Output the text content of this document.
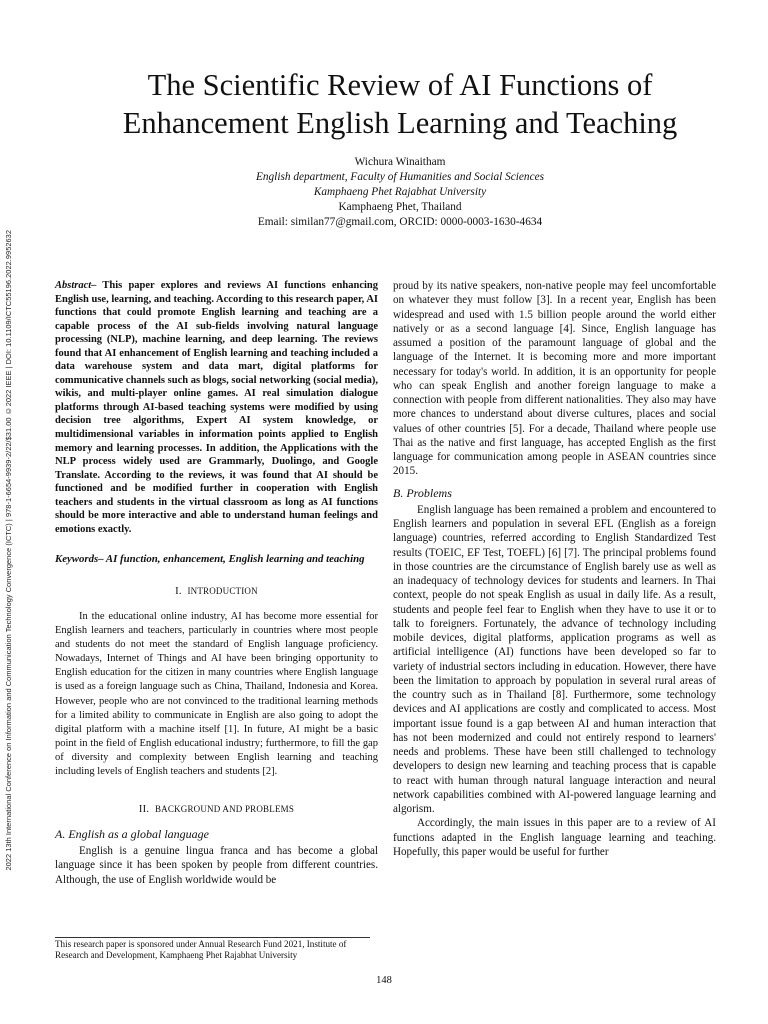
2022 13th International Conference on Information and Communication Technology Convergence (ICTC) | 978-1-6654-9939-2/22/$31.00 ©2022 IEEE | DOI: 10.1109/ICTC55196.2022.9952632
The Scientific Review of AI Functions of
Enhancement English Learning and Teaching
Wichura Winaitham
English department, Faculty of Humanities and Social Sciences
Kamphaeng Phet Rajabhat University
Kamphaeng Phet, Thailand
Email: similan77@gmail.com, ORCID: 0000-0003-1630-4634

Abstract– This paper explores and reviews AI functions enhancing English use, learning, and teaching. According to this research paper, AI functions that could promote English learning and teaching are a capable process of the AI sub-fields involving natural language processing (NLP), machine learning, and deep learning. The reviews found that AI enhancement of English learning and teaching included a data warehouse system and data mart, digital platforms for communicative channels such as blogs, social networking (social media), wikis, and multi-player online games. AI real simulation dialogue platforms through AI-based teaching systems were modified by using decision tree algorithms, Expert AI system knowledge, or multidimensional variables in information points applied to English memory and learning processes. In addition, the Applications with the NLP process widely used are Grammarly, Duolingo, and Google Translate. According to the reviews, it was found that AI should be functioned and be modified further in cooperation with English teachers and students in the virtual classroom as long as AI functions should be more interactive and able to understand human feelings and emotions exactly.

Keywords– AI function, enhancement, English learning and teaching

I. INTRODUCTION

In the educational online industry, AI has become more essential for English learners and teachers, particularly in countries where most people and students do not meet the standard of English language proficiency. Nowadays, Internet of Things and AI have been bringing opportunity to English education for the citizen in many countries where English language is used as a foreign language such as China, Thailand, Indonesia and Korea. However, people who are not convinced to the traditional learning methods for a limited ability to communicate in English are also going to adopt the digital platform with a machine itself [1]. In future, AI might be a basic point in the field of English educational industry; furthermore, to fill the gap of diversity and complexity between English learning and teaching including levels of English teachers and students [2].

II. BACKGROUND AND PROBLEMS

A. English as a global language

English is a genuine lingua franca and has become a global language since it has been spoken by people from different countries. Although, the use of English worldwide would be

proud by its native speakers, non-native people may feel uncomfortable on whatever they must follow [3]. In a recent year, English has been widespread and used with 1.5 billion people around the world either natively or as a second language [4]. Since, English language has assumed a position of the paramount language of global and the language of the Internet. It is becoming more and more important necessary for today's world. In addition, it is an opportunity for people who can speak English and another foreign language to make a connection with people from different nationalities. They also may have more chances to understand about diverse cultures, places and social values of other countries [5]. For a decade, Thailand where people use Thai as the native and first language, has accepted English as the first language for communication among people in ASEAN countries since 2015.

B. Problems

English language has been remained a problem and encountered to English learners and population in several EFL (English as a foreign language) countries, referred according to English Standardized Test results (TOEIC, EF Test, TOEFL) [6] [7]. The principal problems found in those countries are the circumstance of English barely use as well as an inadequacy of technology devices for students and learners. In Thai context, people do not speak English as usual in daily life. As a result, students and people feel fear to English when they have to use it or to talk to foreigners. Fortunately, the advance of technology including mobile devices, digital platforms, application programs as well as artificial intelligence (AI) functions have been developed so far to variety of industrial sectors including in education. However, there have been the limitation to approach by population in several rural areas of the country such as in Thailand [8]. Furthermore, some technology devices and AI applications are costly and complicated to access. Most important issue found is a gap between AI and human interaction that has not been modernized and could not entirely respond to learners' needs and problems. These have been still challenged to technology developers to design new learning and teaching process that is capable to react with human through natural language interaction and neural network capabilities combined with AI-powered language learning and algorism.

Accordingly, the main issues in this paper are to a review of AI functions adapted in the English language learning and teaching. Hopefully, this paper would be useful for further

This research paper is sponsored under Annual Research Fund 2021, Institute of Research and Development, Kamphaeng Phet Rajabhat University
148
